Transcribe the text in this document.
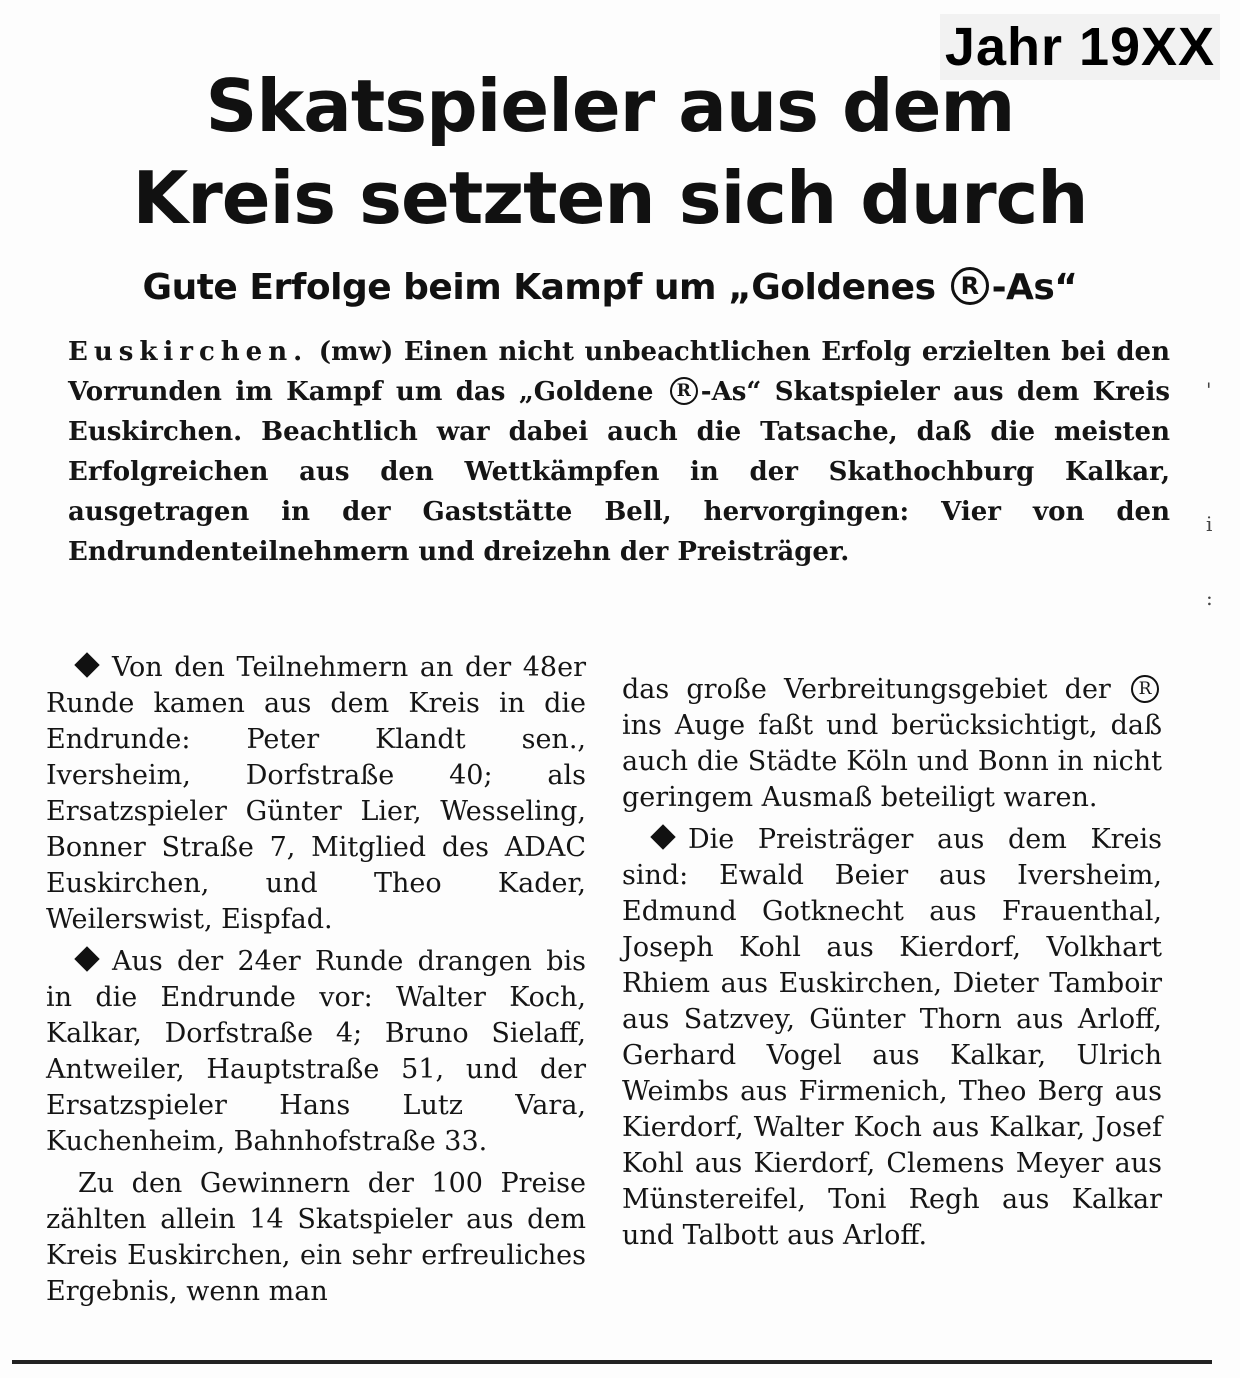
Jahr 19XX
Skatspieler aus dem
Kreis setzten sich durch
Gute Erfolge beim Kampf um „Goldenes R -As“

Euskirchen. (mw) Einen nicht unbeachtlichen Erfolg erzielten bei den Vorrunden im Kampf um das „Goldene R -As“ Skatspieler aus dem Kreis Euskirchen. Beachtlich war dabei auch die Tatsache, daß die meisten Erfolgreichen aus den Wettkämpfen in der Skathochburg Kalkar, ausgetragen in der Gaststätte Bell, hervorgingen: Vier von den Endrundenteilnehmern und dreizehn der Preisträger.

Von den Teilnehmern an der 48er Runde kamen aus dem Kreis in die Endrunde: Peter Klandt sen., Iversheim, Dorfstraße 40; als Ersatzspieler Günter Lier, Wesseling, Bonner Straße 7, Mitglied des ADAC Euskirchen, und Theo Kader, Weilerswist, Eispfad.

Aus der 24er Runde drangen bis in die Endrunde vor: Walter Koch, Kalkar, Dorfstraße 4; Bruno Sielaff, Antweiler, Hauptstraße 51, und der Ersatzspieler Hans Lutz Vara, Kuchenheim, Bahnhofstraße 33.

Zu den Gewinnern der 100 Preise zählten allein 14 Skatspieler aus dem Kreis Euskirchen, ein sehr erfreuliches Ergebnis, wenn man

das große Verbreitungsgebiet der R ins Auge faßt und berücksichtigt, daß auch die Städte Köln und Bonn in nicht geringem Ausmaß beteiligt waren.

Die Preisträger aus dem Kreis sind: Ewald Beier aus Iversheim, Edmund Gotknecht aus Frauenthal, Joseph Kohl aus Kierdorf, Volkhart Rhiem aus Euskirchen, Dieter Tamboir aus Satzvey, Günter Thorn aus Arloff, Gerhard Vogel aus Kalkar, Ulrich Weimbs aus Firmenich, Theo Berg aus Kierdorf, Walter Koch aus Kalkar, Josef Kohl aus Kierdorf, Clemens Meyer aus Münstereifel, Toni Regh aus Kalkar und Talbott aus Arloff.

'
i
:
